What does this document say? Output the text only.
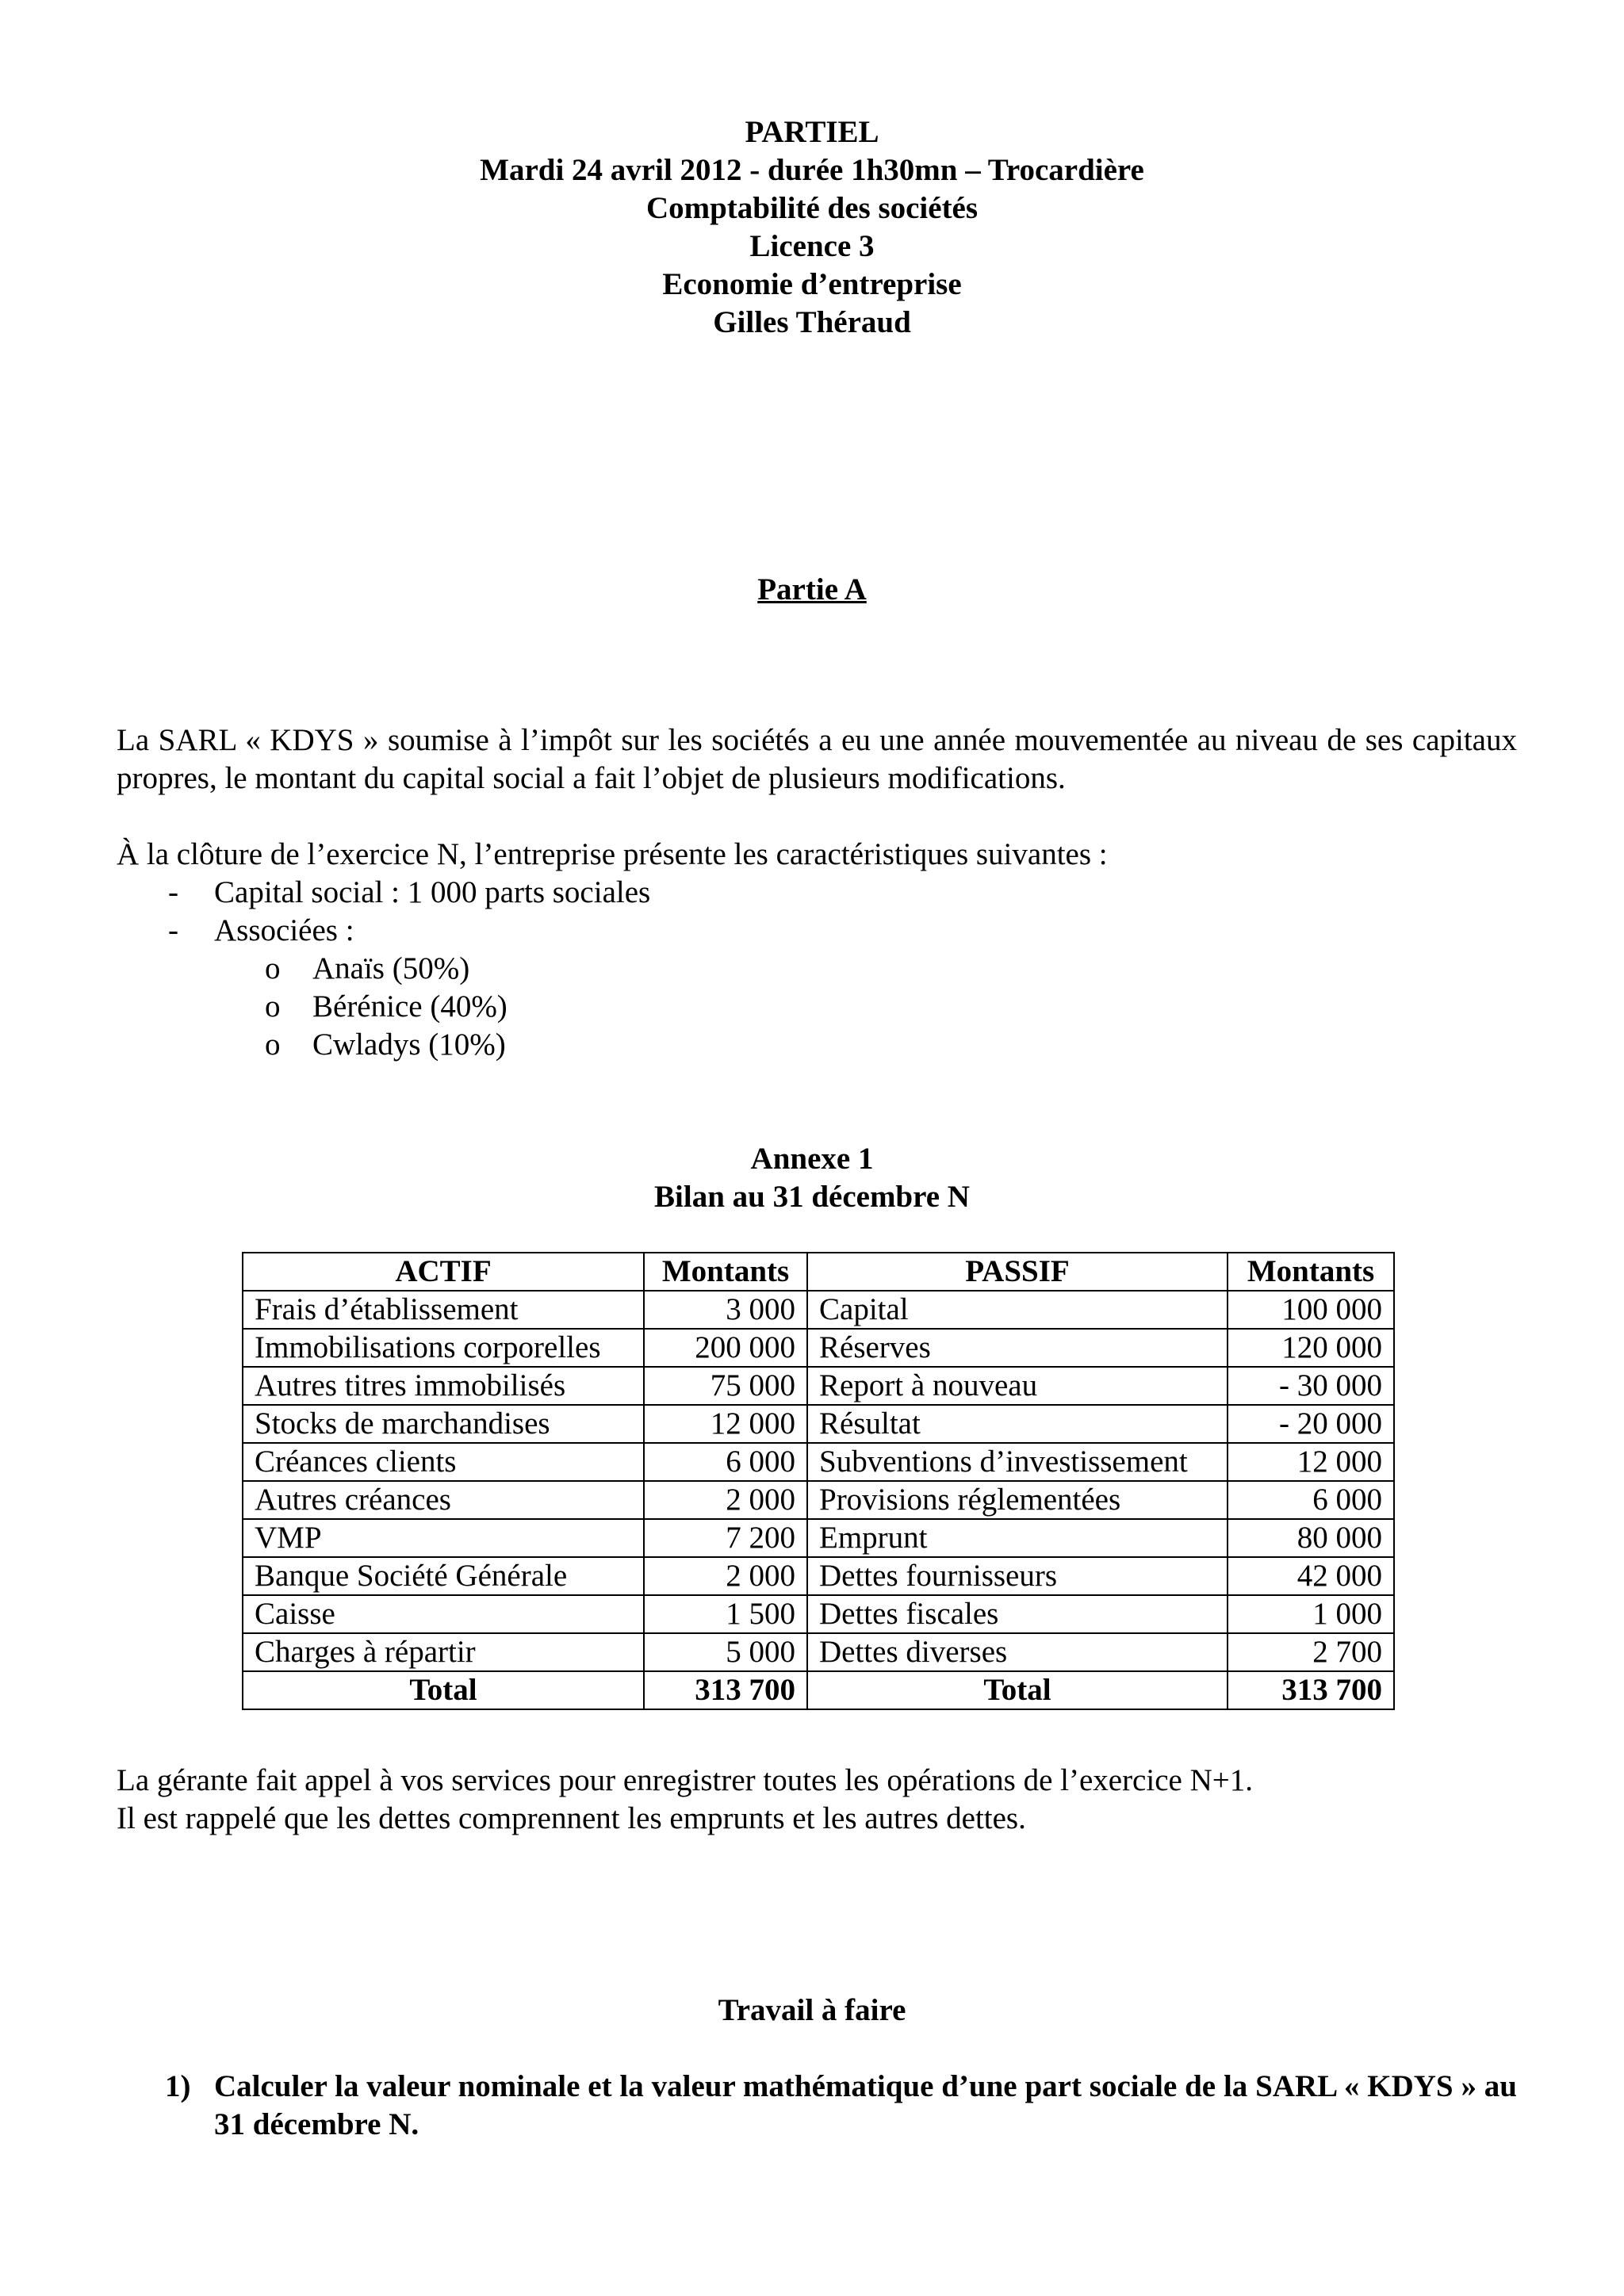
PARTIEL
Mardi 24 avril 2012 - durée 1h30mn – Trocardière
Comptabilité des sociétés
Licence 3
Economie d’entreprise
Gilles Théraud
Partie A
La SARL « KDYS » soumise à l’impôt sur les sociétés a eu une année mouvementée au niveau de ses capitaux propres, le montant du capital social a fait l’objet de plusieurs modifications.
À la clôture de l’exercice N, l’entreprise présente les caractéristiques suivantes :
- Capital social : 1 000 parts sociales
- Associées :
o Anaïs (50%)
o Bérénice (40%)
o Cwladys (10%)
Annexe 1
Bilan au 31 décembre N
ACTIF	Montants	PASSIF	Montants
Frais d’établissement	3 000	Capital	100 000
Immobilisations corporelles	200 000	Réserves	120 000
Autres titres immobilisés	75 000	Report à nouveau	- 30 000
Stocks de marchandises	12 000	Résultat	- 20 000
Créances clients	6 000	Subventions d’investissement	12 000
Autres créances	2 000	Provisions réglementées	6 000
VMP	7 200	Emprunt	80 000
Banque Société Générale	2 000	Dettes fournisseurs	42 000
Caisse	1 500	Dettes fiscales	1 000
Charges à répartir	5 000	Dettes diverses	2 700
Total	313 700	Total	313 700
La gérante fait appel à vos services pour enregistrer toutes les opérations de l’exercice N+1.
Il est rappelé que les dettes comprennent les emprunts et les autres dettes.
Travail à faire
1) Calculer la valeur nominale et la valeur mathématique d’une part sociale de la SARL « KDYS » au 31 décembre N.
